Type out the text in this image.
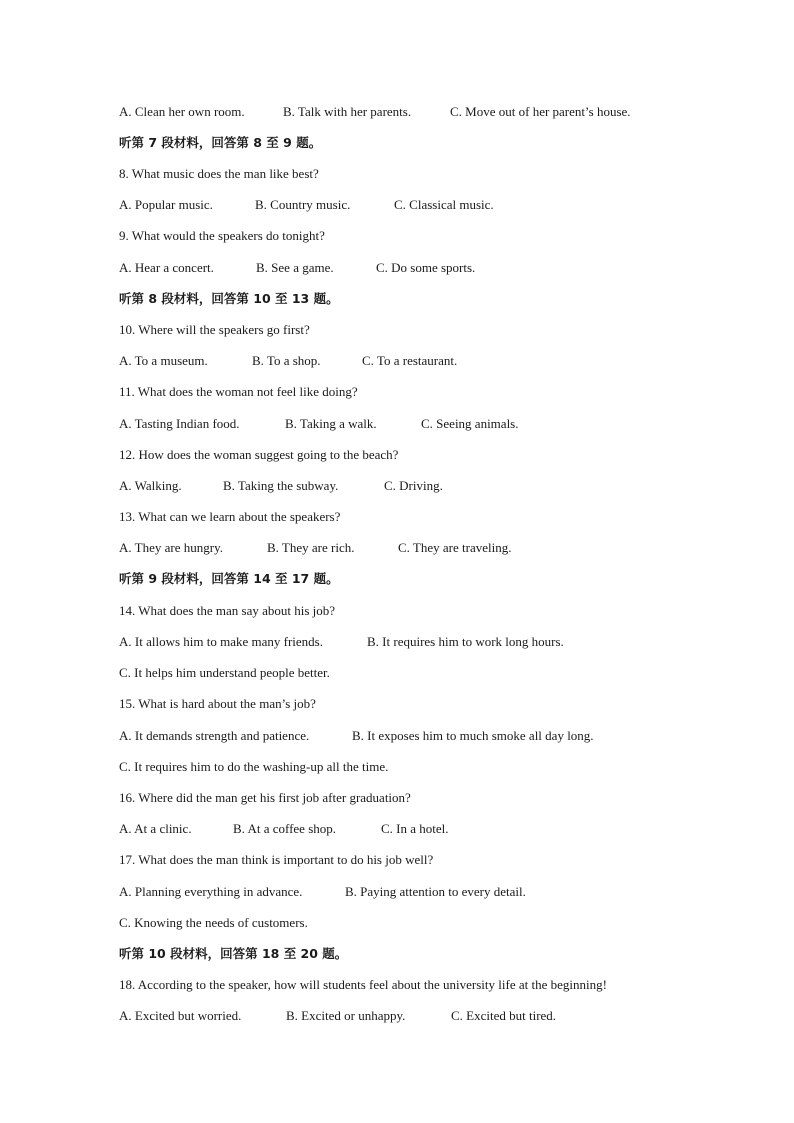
A. Clean her own room.	B. Talk with her parents.	C. Move out of her parent’s house.
听第 7 段材料，回答第 8 至 9 题。
8. What music does the man like best?
A. Popular music.	B. Country music.	C. Classical music.
9. What would the speakers do tonight?
A. Hear a concert.	B. See a game.	C. Do some sports.
听第 8 段材料，回答第 10 至 13 题。
10. Where will the speakers go first?
A. To a museum.	B. To a shop.	C. To a restaurant.
11. What does the woman not feel like doing?
A. Tasting Indian food.	B. Taking a walk.	C. Seeing animals.
12. How does the woman suggest going to the beach?
A. Walking.	B. Taking the subway.	C. Driving.
13. What can we learn about the speakers?
A. They are hungry.	B. They are rich.	C. They are traveling.
听第 9 段材料，回答第 14 至 17 题。
14. What does the man say about his job?
A. It allows him to make many friends.	B. It requires him to work long hours.
C. It helps him understand people better.
15. What is hard about the man’s job?
A. It demands strength and patience.	B. It exposes him to much smoke all day long.
C. It requires him to do the washing-up all the time.
16. Where did the man get his first job after graduation?
A. At a clinic.	B. At a coffee shop.	C. In a hotel.
17. What does the man think is important to do his job well?
A. Planning everything in advance.	B. Paying attention to every detail.
C. Knowing the needs of customers.
听第 10 段材料，回答第 18 至 20 题。
18. According to the speaker, how will students feel about the university life at the beginning!
A. Excited but worried.	B. Excited or unhappy.	C. Excited but tired.
